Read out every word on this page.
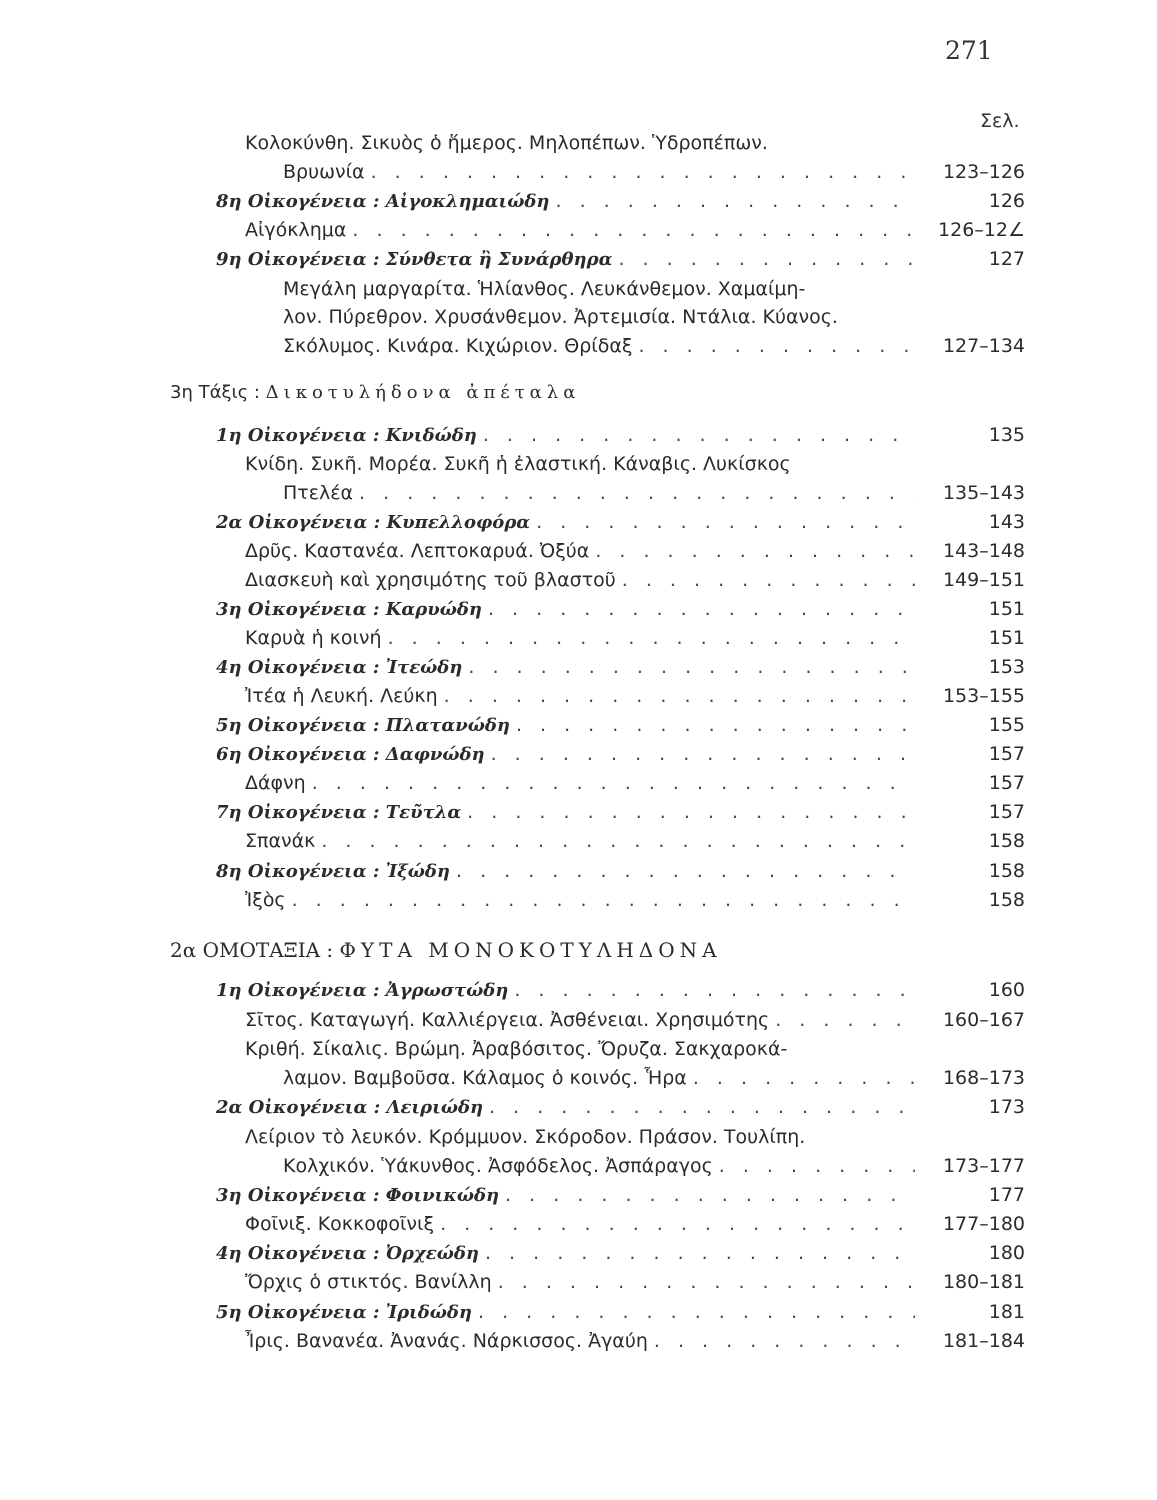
271
Σελ.
Κολοκύνθη. Σικυὸς ὁ ἥμερος. Μηλοπέπων. Ὑδροπέπων.
Βρυωνία . . .	123–126
8η Οἰκογένεια : Αἰγοκλημαιώδη . . .	126
Αἰγόκλημα . . .	126–12∠
9η Οἰκογένεια : Σύνθετα ἢ Συνάρθηρα . . .	127
Μεγάλη μαργαρίτα. Ἡλίανθος. Λευκάνθεμον. Χαμαίμη-
λον. Πύρεθρον. Χρυσάνθεμον. Ἀρτεμισία. Ντάλια. Κύανος.
Σκόλυμος. Κινάρα. Κιχώριον. Θρίδαξ . . .	127–134
3η Τάξις : Δικοτυλήδονα ἀπέταλα
1η Οἰκογένεια : Κνιδώδη . . .	135
Κνίδη. Συκῆ. Μορέα. Συκῆ ἡ ἐλαστική. Κάναβις. Λυκίσκος
Πτελέα . . .	135–143
2α Οἰκογένεια : Κυπελλοφόρα . . .	143
Δρῦς. Καστανέα. Λεπτοκαρυά. Ὀξύα . . .	143–148
Διασκευὴ καὶ χρησιμότης τοῦ βλαστοῦ . . .	149–151
3η Οἰκογένεια : Καρυώδη . . .	151
Καρυὰ ἡ κοινή . . .	151
4η Οἰκογένεια : Ἰτεώδη . . .	153
Ἰτέα ἡ Λευκή. Λεύκη . . .	153–155
5η Οἰκογένεια : Πλατανώδη . . .	155
6η Οἰκογένεια : Δαφνώδη . . .	157
Δάφνη . . .	157
7η Οἰκογένεια : Τεῦτλα . . .	157
Σπανάκ . . .	158
8η Οἰκογένεια : Ἰξώδη . . .	158
Ἰξὸς . . .	158
2α ΟΜΟΤΑΞΙΑ : ΦΥΤΑ ΜΟΝΟΚΟΤΥΛΗΔΟΝΑ
1η Οἰκογένεια : Ἀγρωστώδη . . .	160
Σῖτος. Καταγωγή. Καλλιέργεια. Ἀσθένειαι. Χρησιμότης . . .	160–167
Κριθή. Σίκαλις. Βρώμη. Ἀραβόσιτος. Ὄρυζα. Σακχαροκά-
λαμον. Βαμβοῦσα. Κάλαμος ὁ κοινός. Ἧρα . . .	168–173
2α Οἰκογένεια : Λειριώδη . . .	173
Λείριον τὸ λευκόν. Κρόμμυον. Σκόροδον. Πράσον. Τουλίπη.
Κολχικόν. Ὑάκυνθος. Ἀσφόδελος. Ἀσπάραγος . . .	173–177
3η Οἰκογένεια : Φοινικώδη . . .	177
Φοῖνιξ. Κοκκοφοῖνιξ . . .	177–180
4η Οἰκογένεια : Ὀρχεώδη . . .	180
Ὄρχις ὁ στικτός. Βανίλλη . . .	180–181
5η Οἰκογένεια : Ἰριδώδη . . .	181
Ἶρις. Βανανέα. Ἀνανάς. Νάρκισσος. Ἀγαύη . . .	181–184
